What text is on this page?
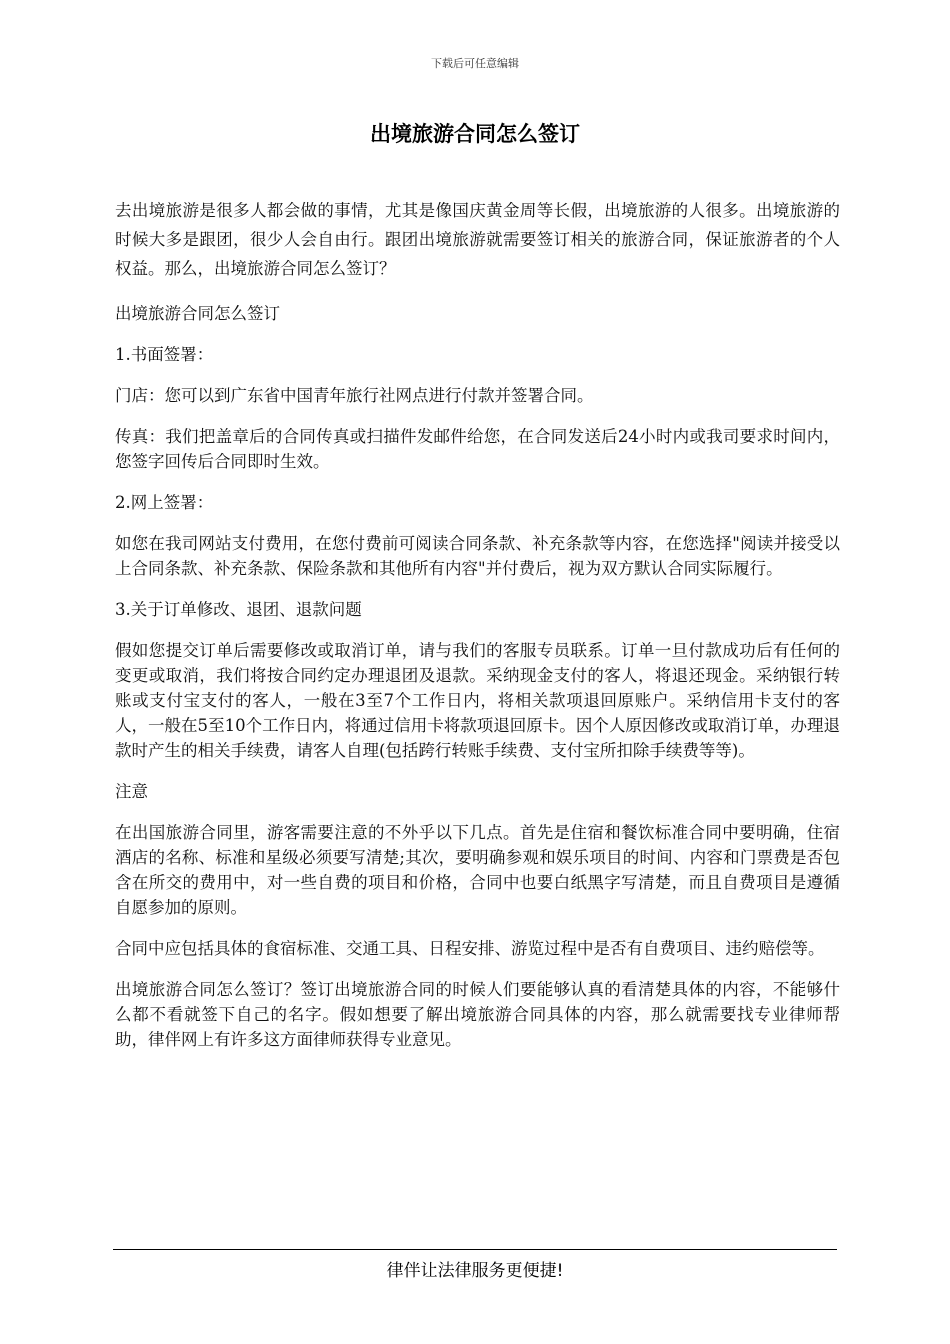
下载后可任意编辑
出境旅游合同怎么签订

去出境旅游是很多人都会做的事情，尤其是像国庆黄金周等长假，出境旅游的人很多。出境旅游的时候大多是跟团，很少人会自由行。跟团出境旅游就需要签订相关的旅游合同，保证旅游者的个人权益。那么，出境旅游合同怎么签订？

出境旅游合同怎么签订

1.书面签署：

门店：您可以到广东省中国青年旅行社网点进行付款并签署合同。

传真：我们把盖章后的合同传真或扫描件发邮件给您，在合同发送后24小时内或我司要求时间内，您签字回传后合同即时生效。

2.网上签署：

如您在我司网站支付费用，在您付费前可阅读合同条款、补充条款等内容，在您选择"阅读并接受以上合同条款、补充条款、保险条款和其他所有内容"并付费后，视为双方默认合同实际履行。

3.关于订单修改、退团、退款问题

假如您提交订单后需要修改或取消订单，请与我们的客服专员联系。订单一旦付款成功后有任何的变更或取消，我们将按合同约定办理退团及退款。采纳现金支付的客人，将退还现金。采纳银行转账或支付宝支付的客人，一般在3至7个工作日内，将相关款项退回原账户。采纳信用卡支付的客人，一般在5至10个工作日内，将通过信用卡将款项退回原卡。因个人原因修改或取消订单，办理退款时产生的相关手续费，请客人自理(包括跨行转账手续费、支付宝所扣除手续费等等)。

注意

在出国旅游合同里，游客需要注意的不外乎以下几点。首先是住宿和餐饮标准合同中要明确，住宿酒店的名称、标准和星级必须要写清楚;其次，要明确参观和娱乐项目的时间、内容和门票费是否包含在所交的费用中，对一些自费的项目和价格，合同中也要白纸黑字写清楚，而且自费项目是遵循自愿参加的原则。

合同中应包括具体的食宿标准、交通工具、日程安排、游览过程中是否有自费项目、违约赔偿等。

出境旅游合同怎么签订？签订出境旅游合同的时候人们要能够认真的看清楚具体的内容，不能够什么都不看就签下自己的名字。假如想要了解出境旅游合同具体的内容，那么就需要找专业律师帮助，律伴网上有许多这方面律师获得专业意见。

律伴让法律服务更便捷!
